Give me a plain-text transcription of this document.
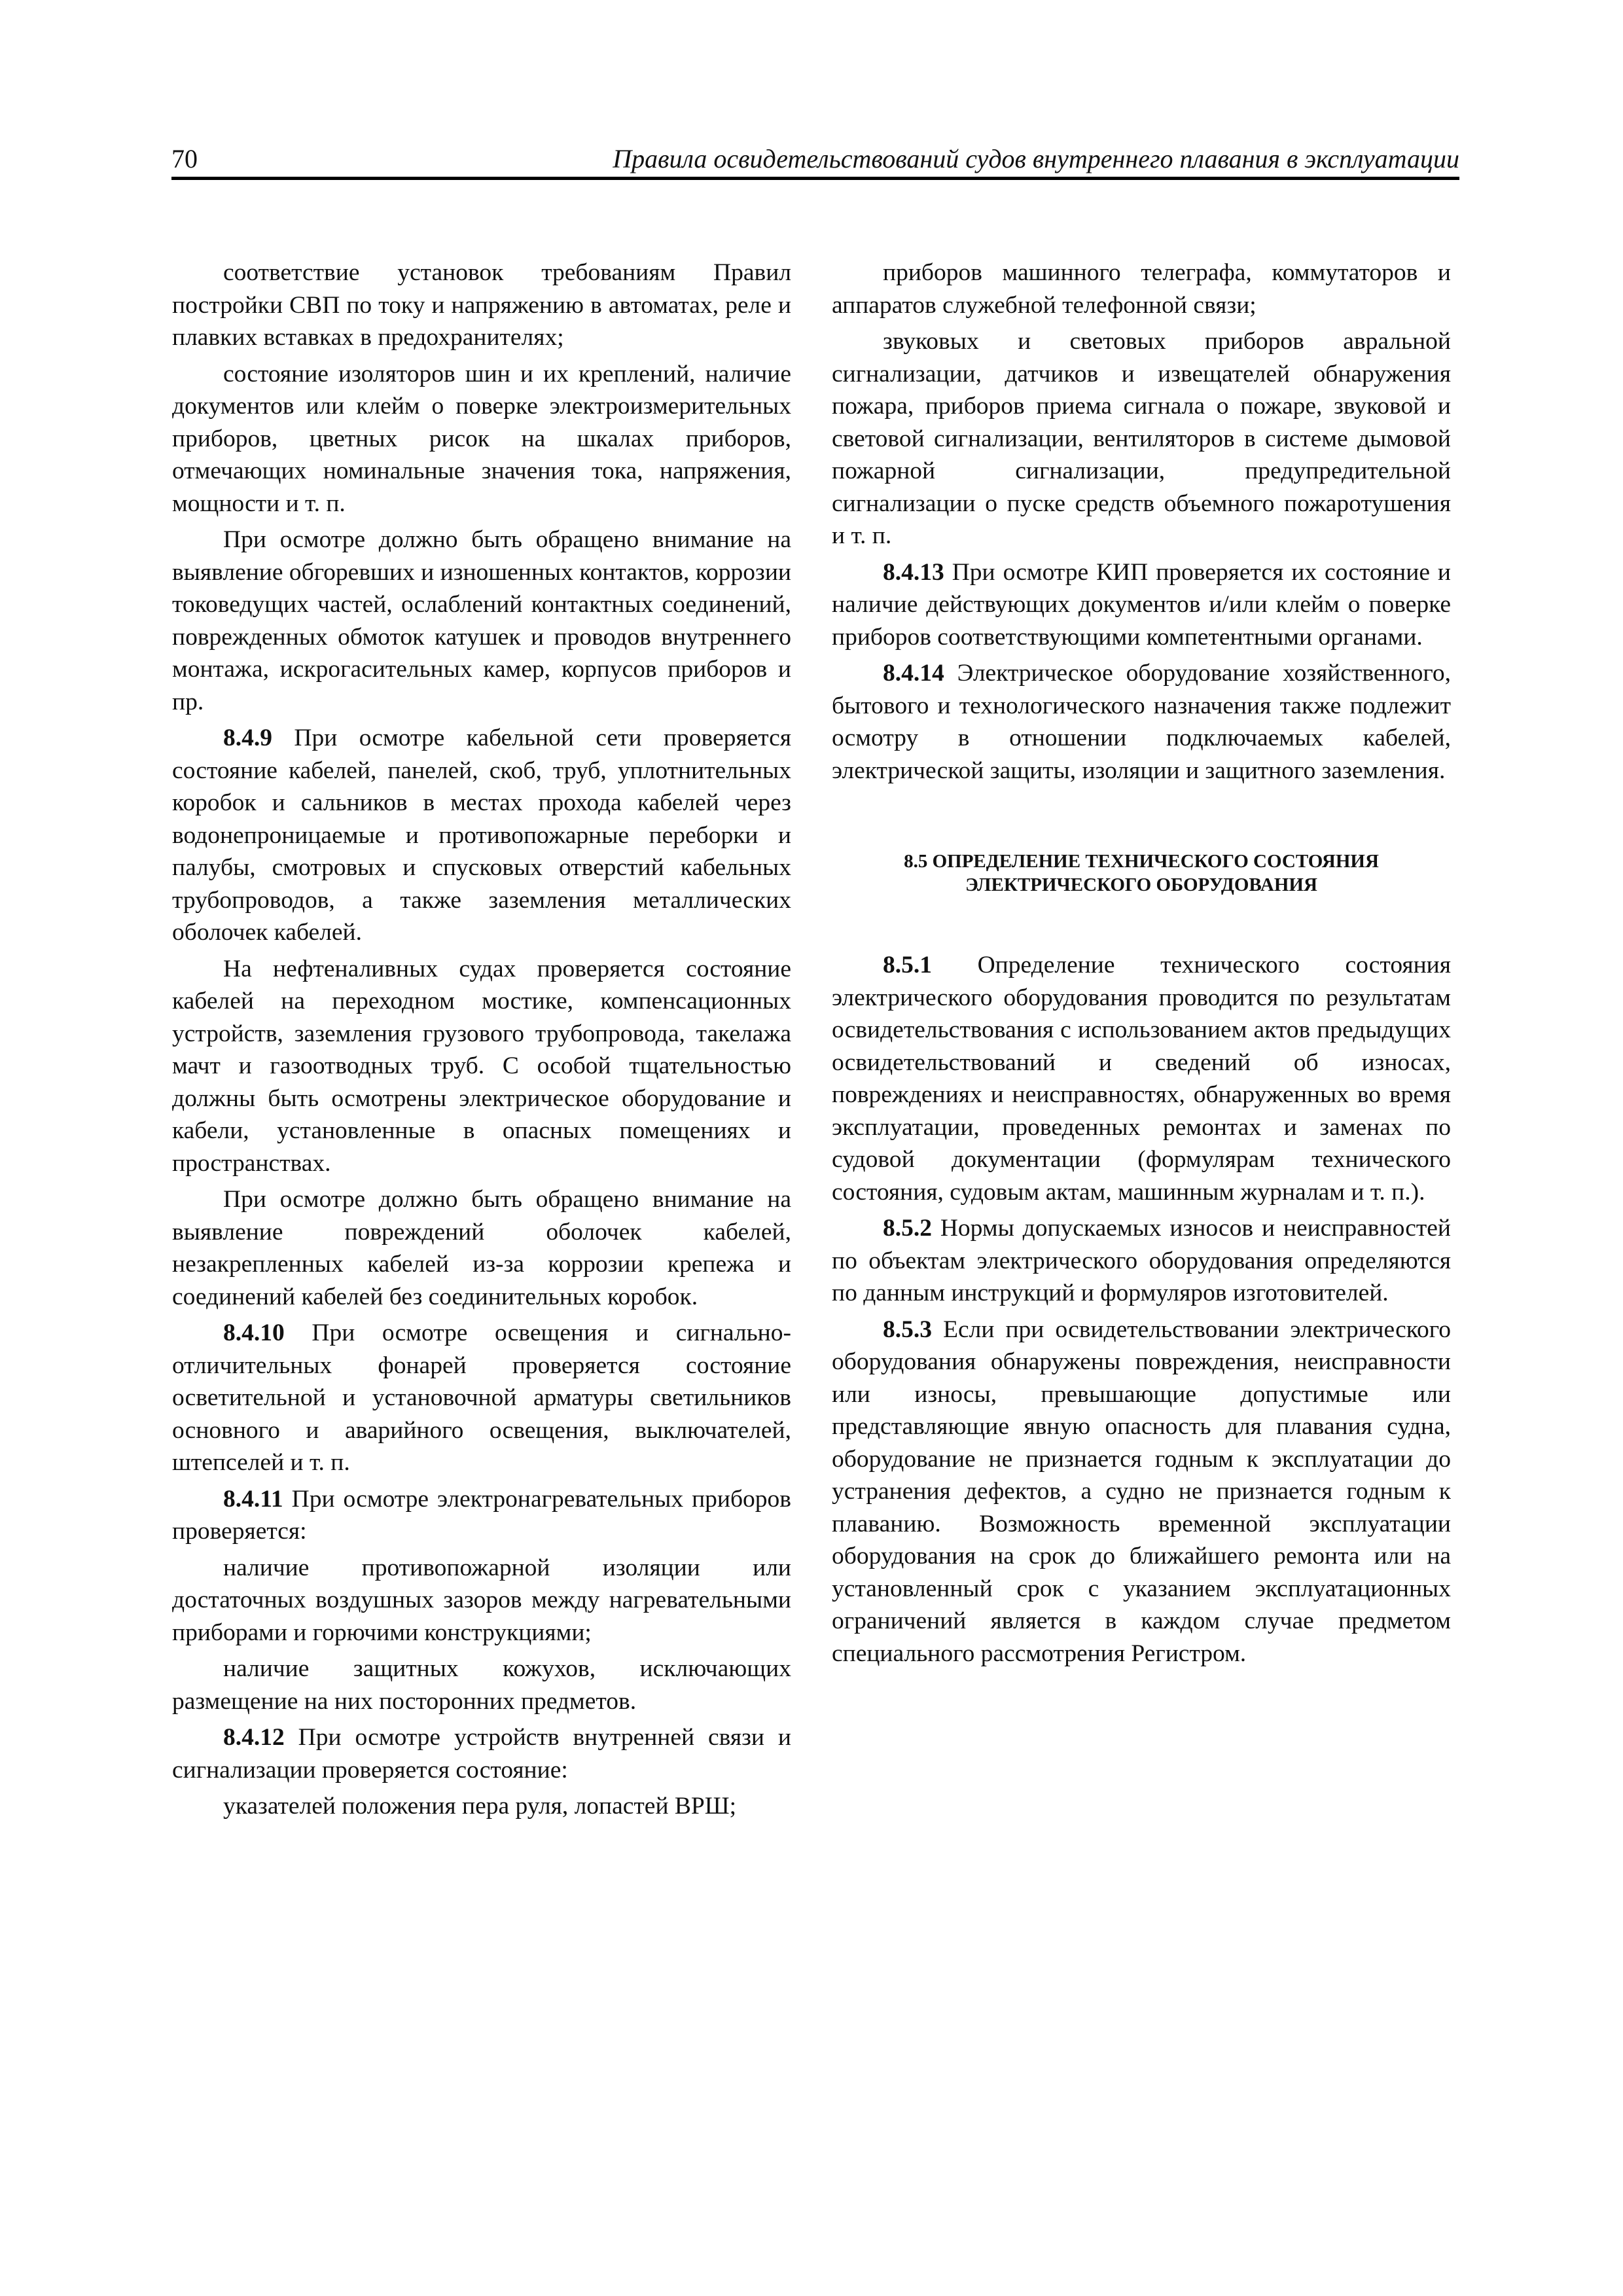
70	Правила освидетельствований судов внутреннего плавания в эксплуатации

соответствие установок требованиям Правил постройки СВП по току и напряжению в автоматах, реле и плавких вставках в предохранителях;

состояние изоляторов шин и их креплений, наличие документов или клейм о поверке электроизмерительных приборов, цветных рисок на шкалах приборов, отмечающих номинальные значения тока, напряжения, мощности и т. п.

При осмотре должно быть обращено внимание на выявление обгоревших и изношенных контактов, коррозии токоведущих частей, ослаблений контактных соединений, поврежденных обмоток катушек и проводов внутреннего монтажа, искрогасительных камер, корпусов приборов и пр.

8.4.9 При осмотре кабельной сети проверяется состояние кабелей, панелей, скоб, труб, уплотнительных коробок и сальников в местах прохода кабелей через водонепроницаемые и противопожарные переборки и палубы, смотровых и спусковых отверстий кабельных трубопроводов, а также заземления металлических оболочек кабелей.

На нефтеналивных судах проверяется состояние кабелей на переходном мостике, компенсационных устройств, заземления грузового трубопровода, такелажа мачт и газоотводных труб. С особой тщательностью должны быть осмотрены электрическое оборудование и кабели, установленные в опасных помещениях и пространствах.

При осмотре должно быть обращено внимание на выявление повреждений оболочек кабелей, незакрепленных кабелей из-за коррозии крепежа и соединений кабелей без соединительных коробок.

8.4.10 При осмотре освещения и сигнально-отличительных фонарей проверяется состояние осветительной и установочной арматуры светильников основного и аварийного освещения, выключателей, штепселей и т. п.

8.4.11 При осмотре электронагревательных приборов проверяется:

наличие противопожарной изоляции или достаточных воздушных зазоров между нагревательными приборами и горючими конструкциями;

наличие защитных кожухов, исключающих размещение на них посторонних предметов.

8.4.12 При осмотре устройств внутренней связи и сигнализации проверяется состояние:

указателей положения пера руля, лопастей ВРШ;

приборов машинного телеграфа, коммутаторов и аппаратов служебной телефонной связи;

звуковых и световых приборов авральной сигнализации, датчиков и извещателей обнаружения пожара, приборов приема сигнала о пожаре, звуковой и световой сигнализации, вентиляторов в системе дымовой пожарной сигнализации, предупредительной сигнализации о пуске средств объемного пожаротушения и т. п.

8.4.13 При осмотре КИП проверяется их состояние и наличие действующих документов и/или клейм о поверке приборов соответствующими компетентными органами.

8.4.14 Электрическое оборудование хозяйственного, бытового и технологического назначения также подлежит осмотру в отношении подключаемых кабелей, электрической защиты, изоляции и защитного заземления.

8.5 ОПРЕДЕЛЕНИЕ ТЕХНИЧЕСКОГО СОСТОЯНИЯ
ЭЛЕКТРИЧЕСКОГО ОБОРУДОВАНИЯ

8.5.1 Определение технического состояния электрического оборудования проводится по результатам освидетельствования с использованием актов предыдущих освидетельствований и сведений об износах, повреждениях и неисправностях, обнаруженных во время эксплуатации, проведенных ремонтах и заменах по судовой документации (формулярам технического состояния, судовым актам, машинным журналам и т. п.).

8.5.2 Нормы допускаемых износов и неисправностей по объектам электрического оборудования определяются по данным инструкций и формуляров изготовителей.

8.5.3 Если при освидетельствовании электрического оборудования обнаружены повреждения, неисправности или износы, превышающие допустимые или представляющие явную опасность для плавания судна, оборудование не признается годным к эксплуатации до устранения дефектов, а судно не признается годным к плаванию. Возможность временной эксплуатации оборудования на срок до ближайшего ремонта или на установленный срок с указанием эксплуатационных ограничений является в каждом случае предметом специального рассмотрения Регистром.
